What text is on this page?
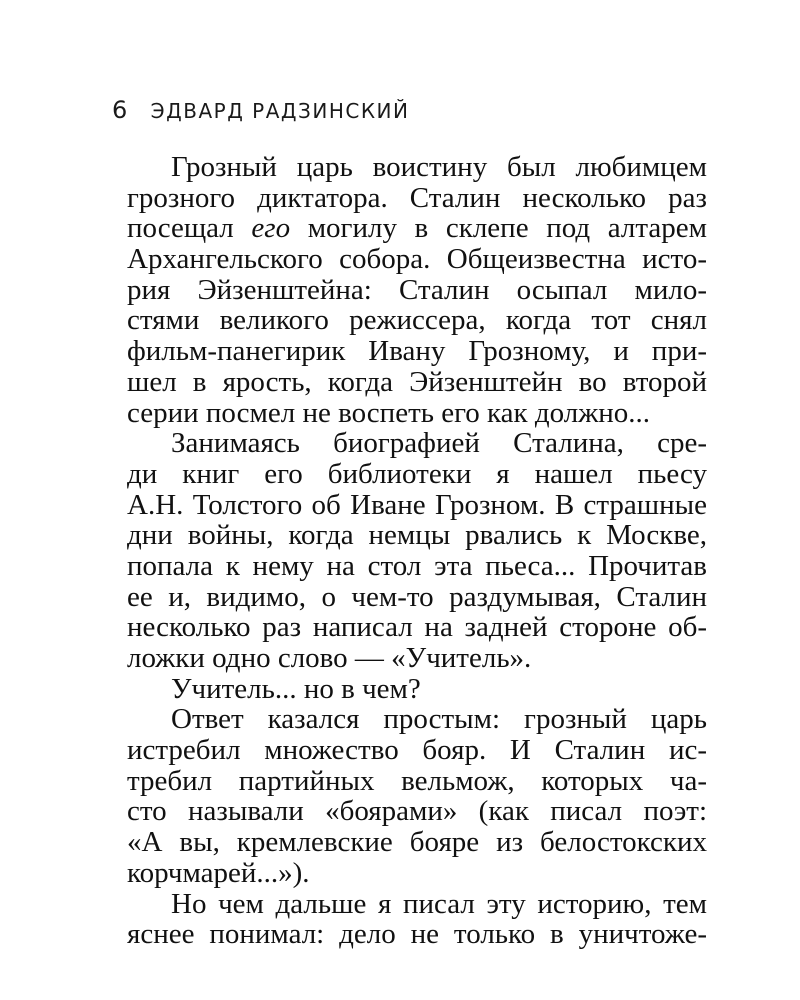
6 ЭДВАРД РАДЗИНСКИЙ
Грозный царь воистину был любимцем
грозного диктатора. Сталин несколько раз
посещал его могилу в склепе под алтарем
Архангельского собора. Общеизвестна исто-
рия Эйзенштейна: Сталин осыпал мило-
стями великого режиссера, когда тот снял
фильм-панегирик Ивану Грозному, и при-
шел в ярость, когда Эйзенштейн во второй
серии посмел не воспеть его как должно...
Занимаясь биографией Сталина, сре-
ди книг его библиотеки я нашел пьесу
А.Н. Толстого об Иване Грозном. В страшные
дни войны, когда немцы рвались к Москве,
попала к нему на стол эта пьеса... Прочитав
ее и, видимо, о чем-то раздумывая, Сталин
несколько раз написал на задней стороне об-
ложки одно слово — «Учитель».
Учитель... но в чем?
Ответ казался простым: грозный царь
истребил множество бояр. И Сталин ис-
требил партийных вельмож, которых ча-
сто называли «боярами» (как писал поэт:
«А вы, кремлевские бояре из белостокских
корчмарей...»).
Но чем дальше я писал эту историю, тем
яснее понимал: дело не только в уничтоже-
